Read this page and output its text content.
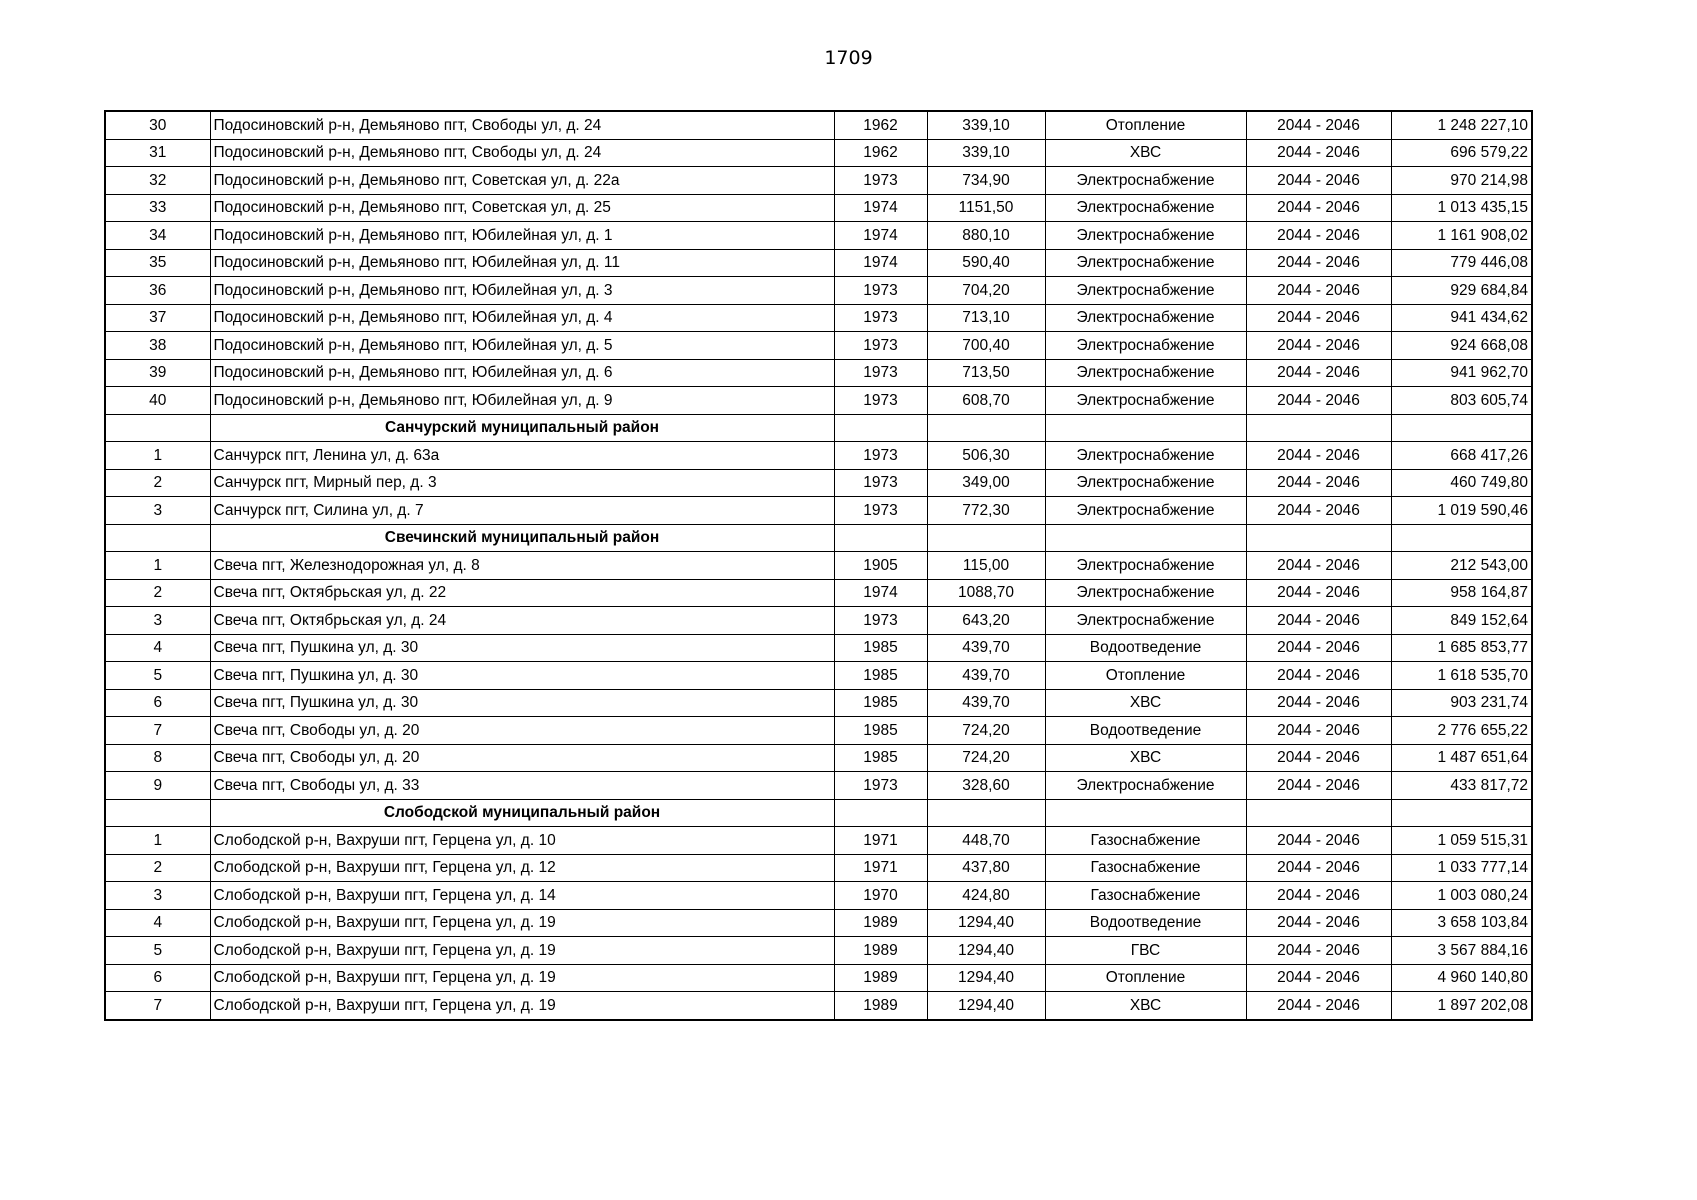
1709
30	Подосиновский р-н, Демьяново пгт, Свободы ул, д. 24	1962	339,10	Отопление	2044 - 2046	1 248 227,10
31	Подосиновский р-н, Демьяново пгт, Свободы ул, д. 24	1962	339,10	ХВС	2044 - 2046	696 579,22
32	Подосиновский р-н, Демьяново пгт, Советская ул, д. 22а	1973	734,90	Электроснабжение	2044 - 2046	970 214,98
33	Подосиновский р-н, Демьяново пгт, Советская ул, д. 25	1974	1151,50	Электроснабжение	2044 - 2046	1 013 435,15
34	Подосиновский р-н, Демьяново пгт, Юбилейная ул, д. 1	1974	880,10	Электроснабжение	2044 - 2046	1 161 908,02
35	Подосиновский р-н, Демьяново пгт, Юбилейная ул, д. 11	1974	590,40	Электроснабжение	2044 - 2046	779 446,08
36	Подосиновский р-н, Демьяново пгт, Юбилейная ул, д. 3	1973	704,20	Электроснабжение	2044 - 2046	929 684,84
37	Подосиновский р-н, Демьяново пгт, Юбилейная ул, д. 4	1973	713,10	Электроснабжение	2044 - 2046	941 434,62
38	Подосиновский р-н, Демьяново пгт, Юбилейная ул, д. 5	1973	700,40	Электроснабжение	2044 - 2046	924 668,08
39	Подосиновский р-н, Демьяново пгт, Юбилейная ул, д. 6	1973	713,50	Электроснабжение	2044 - 2046	941 962,70
40	Подосиновский р-н, Демьяново пгт, Юбилейная ул, д. 9	1973	608,70	Электроснабжение	2044 - 2046	803 605,74
	Санчурский муниципальный район					
1	Санчурск пгт, Ленина ул, д. 63а	1973	506,30	Электроснабжение	2044 - 2046	668 417,26
2	Санчурск пгт, Мирный пер, д. 3	1973	349,00	Электроснабжение	2044 - 2046	460 749,80
3	Санчурск пгт, Силина ул, д. 7	1973	772,30	Электроснабжение	2044 - 2046	1 019 590,46
	Свечинский муниципальный район					
1	Свеча пгт, Железнодорожная ул, д. 8	1905	115,00	Электроснабжение	2044 - 2046	212 543,00
2	Свеча пгт, Октябрьская ул, д. 22	1974	1088,70	Электроснабжение	2044 - 2046	958 164,87
3	Свеча пгт, Октябрьская ул, д. 24	1973	643,20	Электроснабжение	2044 - 2046	849 152,64
4	Свеча пгт, Пушкина ул, д. 30	1985	439,70	Водоотведение	2044 - 2046	1 685 853,77
5	Свеча пгт, Пушкина ул, д. 30	1985	439,70	Отопление	2044 - 2046	1 618 535,70
6	Свеча пгт, Пушкина ул, д. 30	1985	439,70	ХВС	2044 - 2046	903 231,74
7	Свеча пгт, Свободы ул, д. 20	1985	724,20	Водоотведение	2044 - 2046	2 776 655,22
8	Свеча пгт, Свободы ул, д. 20	1985	724,20	ХВС	2044 - 2046	1 487 651,64
9	Свеча пгт, Свободы ул, д. 33	1973	328,60	Электроснабжение	2044 - 2046	433 817,72
	Слободской муниципальный район					
1	Слободской р-н, Вахруши пгт, Герцена ул, д. 10	1971	448,70	Газоснабжение	2044 - 2046	1 059 515,31
2	Слободской р-н, Вахруши пгт, Герцена ул, д. 12	1971	437,80	Газоснабжение	2044 - 2046	1 033 777,14
3	Слободской р-н, Вахруши пгт, Герцена ул, д. 14	1970	424,80	Газоснабжение	2044 - 2046	1 003 080,24
4	Слободской р-н, Вахруши пгт, Герцена ул, д. 19	1989	1294,40	Водоотведение	2044 - 2046	3 658 103,84
5	Слободской р-н, Вахруши пгт, Герцена ул, д. 19	1989	1294,40	ГВС	2044 - 2046	3 567 884,16
6	Слободской р-н, Вахруши пгт, Герцена ул, д. 19	1989	1294,40	Отопление	2044 - 2046	4 960 140,80
7	Слободской р-н, Вахруши пгт, Герцена ул, д. 19	1989	1294,40	ХВС	2044 - 2046	1 897 202,08
